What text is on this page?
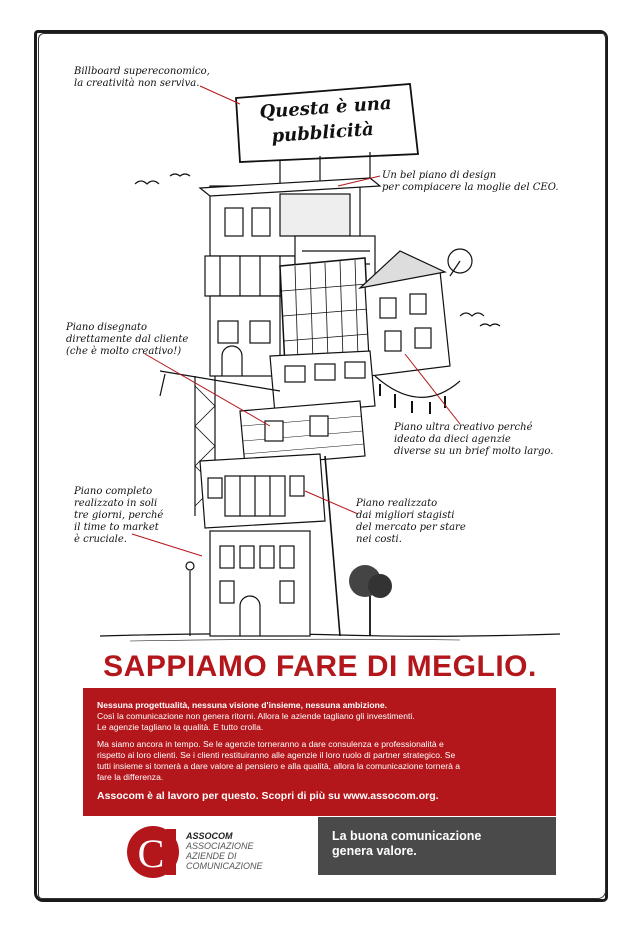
Questa è una
pubblicità
Billboard supereconomico,
la creatività non serviva.
Un bel piano di design
per compiacere la moglie del CEO.
Piano disegnato
direttamente dal cliente
(che è molto creativo!)
Piano ultra creativo perché
ideato da dieci agenzie
diverse su un brief molto largo.
Piano completo
realizzato in soli
tre giorni, perché
il time to market
è cruciale.
Piano realizzato
dai migliori stagisti
del mercato per stare
nei costi.
SAPPIAMO FARE DI MEGLIO.

Nessuna progettualità, nessuna visione d'insieme, nessuna ambizione.
Così la comunicazione non genera ritorni. Allora le aziende tagliano gli investimenti.
Le agenzie tagliano la qualità. E tutto crolla.

Ma siamo ancora in tempo. Se le agenzie torneranno a dare consulenza e professionalità e
rispetto ai loro clienti. Se i clienti restituiranno alle agenzie il loro ruolo di partner strategico. Se
tutti insieme si tornerà a dare valore al pensiero e alla qualità, allora la comunicazione tornerà a
fare la differenza.

Assocom è al lavoro per questo. Scopri di più su www.assocom.org.

C ASSOCOM
ASSOCIAZIONE
AZIENDE DI
COMUNICAZIONE
La buona comunicazione
genera valore.
